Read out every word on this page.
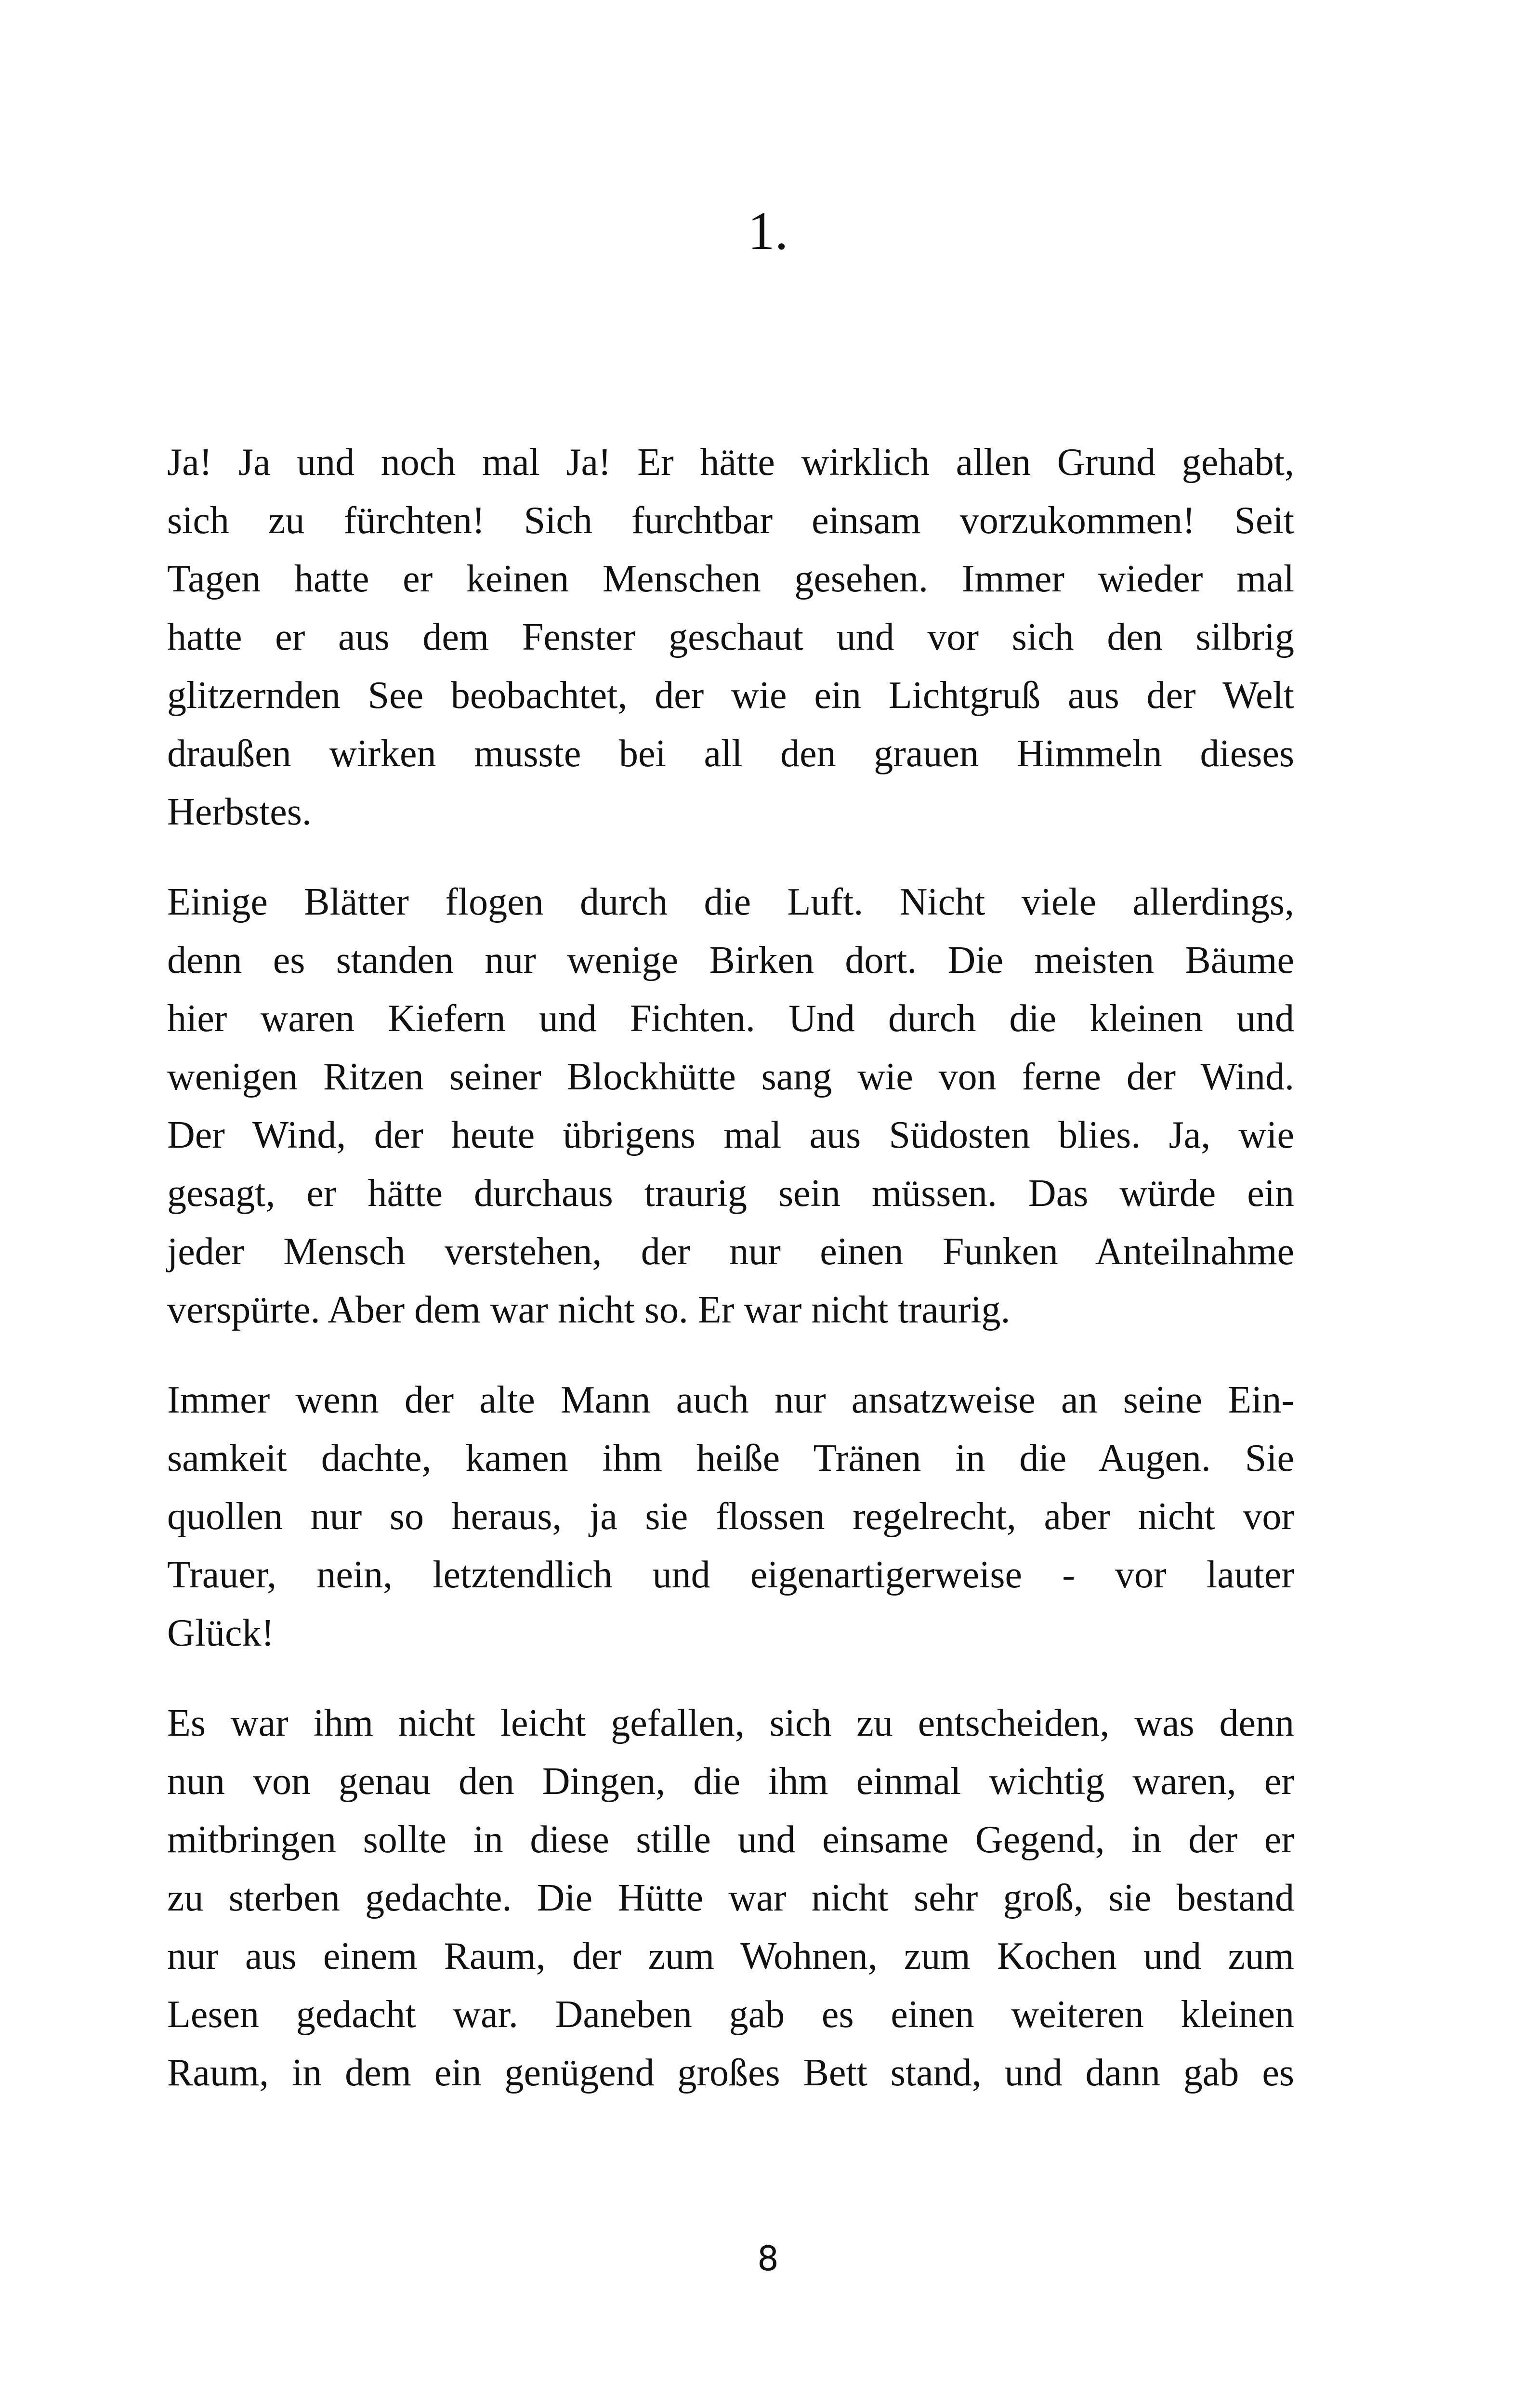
1.
Ja! Ja und noch mal Ja! Er hätte wirklich allen Grund gehabt,
sich zu fürchten! Sich furchtbar einsam vorzukommen! Seit
Tagen hatte er keinen Menschen gesehen. Immer wieder mal
hatte er aus dem Fenster geschaut und vor sich den silbrig
glitzernden See beobachtet, der wie ein Lichtgruß aus der Welt
draußen wirken musste bei all den grauen Himmeln dieses
Herbstes.
Einige Blätter flogen durch die Luft. Nicht viele allerdings,
denn es standen nur wenige Birken dort. Die meisten Bäume
hier waren Kiefern und Fichten. Und durch die kleinen und
wenigen Ritzen seiner Blockhütte sang wie von ferne der Wind.
Der Wind, der heute übrigens mal aus Südosten blies. Ja, wie
gesagt, er hätte durchaus traurig sein müssen. Das würde ein
jeder Mensch verstehen, der nur einen Funken Anteilnahme
verspürte. Aber dem war nicht so. Er war nicht traurig.
Immer wenn der alte Mann auch nur ansatzweise an seine Ein-
samkeit dachte, kamen ihm heiße Tränen in die Augen. Sie
quollen nur so heraus, ja sie flossen regelrecht, aber nicht vor
Trauer, nein, letztendlich und eigenartigerweise - vor lauter
Glück!
Es war ihm nicht leicht gefallen, sich zu entscheiden, was denn
nun von genau den Dingen, die ihm einmal wichtig waren, er
mitbringen sollte in diese stille und einsame Gegend, in der er
zu sterben gedachte. Die Hütte war nicht sehr groß, sie bestand
nur aus einem Raum, der zum Wohnen, zum Kochen und zum
Lesen gedacht war. Daneben gab es einen weiteren kleinen
Raum, in dem ein genügend großes Bett stand, und dann gab es
8
